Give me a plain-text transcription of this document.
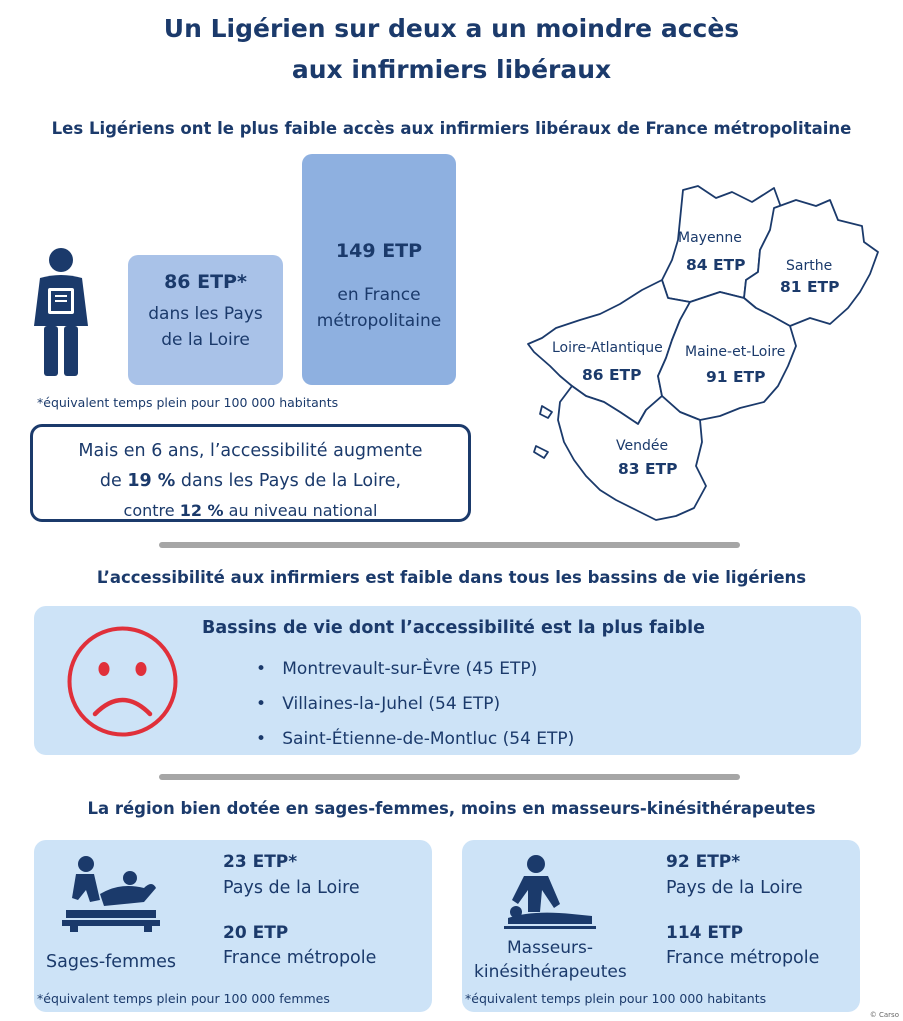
Un Ligérien sur deux a un moindre accès
aux infirmiers libéraux
Les Ligériens ont le plus faible accès aux infirmiers libéraux de France métropolitaine
86 ETP*
dans les Pays
de la Loire
149 ETP
en France
métropolitaine
*équivalent temps plein pour 100 000 habitants
Mais en 6 ans, l’accessibilité augmente
de 19 % dans les Pays de la Loire,
contre 12 % au niveau national
Mayenne
84 ETP	Sarthe
81 ETP
Loire-Atlantique
86 ETP
Maine-et-Loire
91 ETP
Vendée
83 ETP
L’accessibilité aux infirmiers est faible dans tous les bassins de vie ligériens
Bassins de vie dont l’accessibilité est la plus faible
•   Montrevault-sur-Èvre (45 ETP)
•   Villaines-la-Juhel (54 ETP)
•   Saint-Étienne-de-Montluc (54 ETP)
La région bien dotée en sages-femmes, moins en masseurs-kinésithérapeutes
Sages-femmes
23 ETP*
Pays de la Loire
20 ETP
France métropole
*équivalent temps plein pour 100 000 femmes
Masseurs-
kinésithérapeutes
92 ETP*
Pays de la Loire
114 ETP
France métropole
*équivalent temps plein pour 100 000 habitants
© Carso
